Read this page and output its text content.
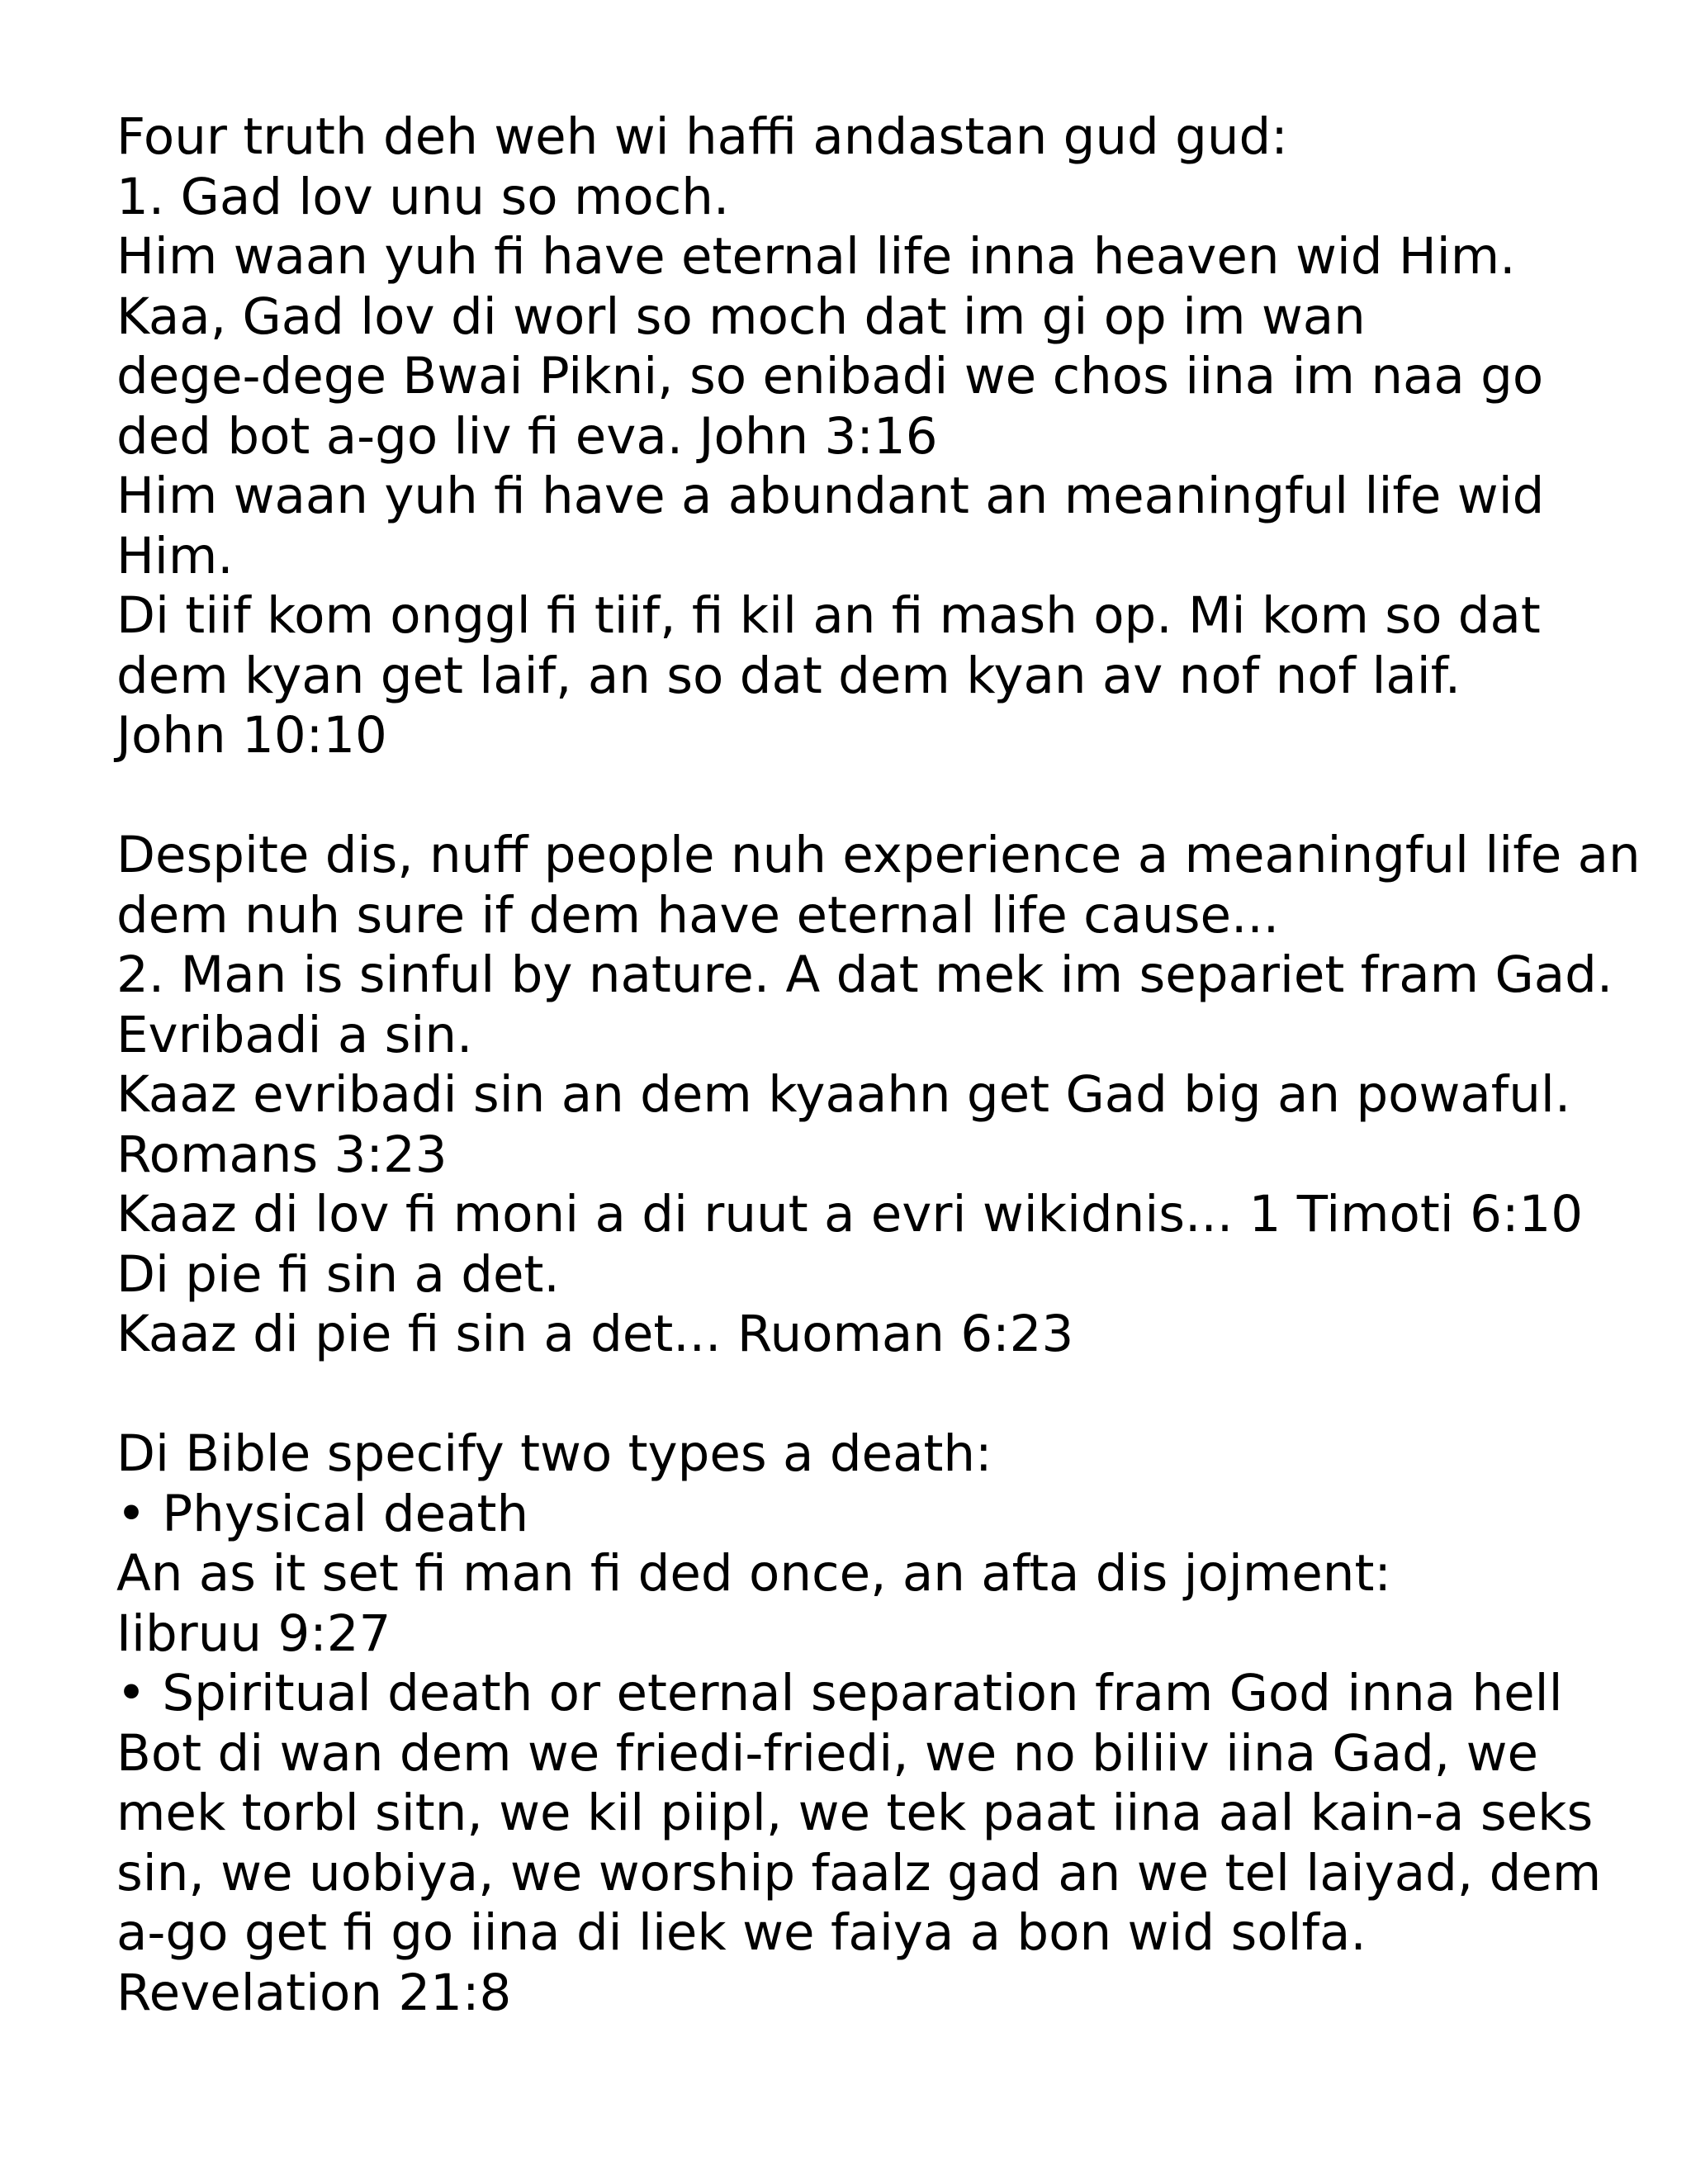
Four truth deh weh wi haffi andastan gud gud:
1. Gad lov unu so moch.
Him waan yuh fi have eternal life inna heaven wid Him.
Kaa, Gad lov di worl so moch dat im gi op im wan
dege-dege Bwai Pikni, so enibadi we chos iina im naa go
ded bot a-go liv fi eva. John 3:16
Him waan yuh fi have a abundant an meaningful life wid
Him.
Di tiif kom onggl fi tiif, fi kil an fi mash op. Mi kom so dat
dem kyan get laif, an so dat dem kyan av nof nof laif.
John 10:10
Despite dis, nuff people nuh experience a meaningful life an
dem nuh sure if dem have eternal life cause...
2. Man is sinful by nature. A dat mek im separiet fram Gad.
Evribadi a sin.
Kaaz evribadi sin an dem kyaahn get Gad big an powaful.
Romans 3:23
Kaaz di lov fi moni a di ruut a evri wikidnis... 1 Timoti 6:10
Di pie fi sin a det.
Kaaz di pie fi sin a det... Ruoman 6:23
Di Bible specify two types a death:
• Physical death
An as it set fi man fi ded once, an afta dis jojment:
Iibruu 9:27
• Spiritual death or eternal separation fram God inna hell
Bot di wan dem we friedi-friedi, we no biliiv iina Gad, we
mek torbl sitn, we kil piipl, we tek paat iina aal kain-a seks
sin, we uobiya, we worship faalz gad an we tel laiyad, dem
a-go get fi go iina di liek we faiya a bon wid solfa.
Revelation 21:8
